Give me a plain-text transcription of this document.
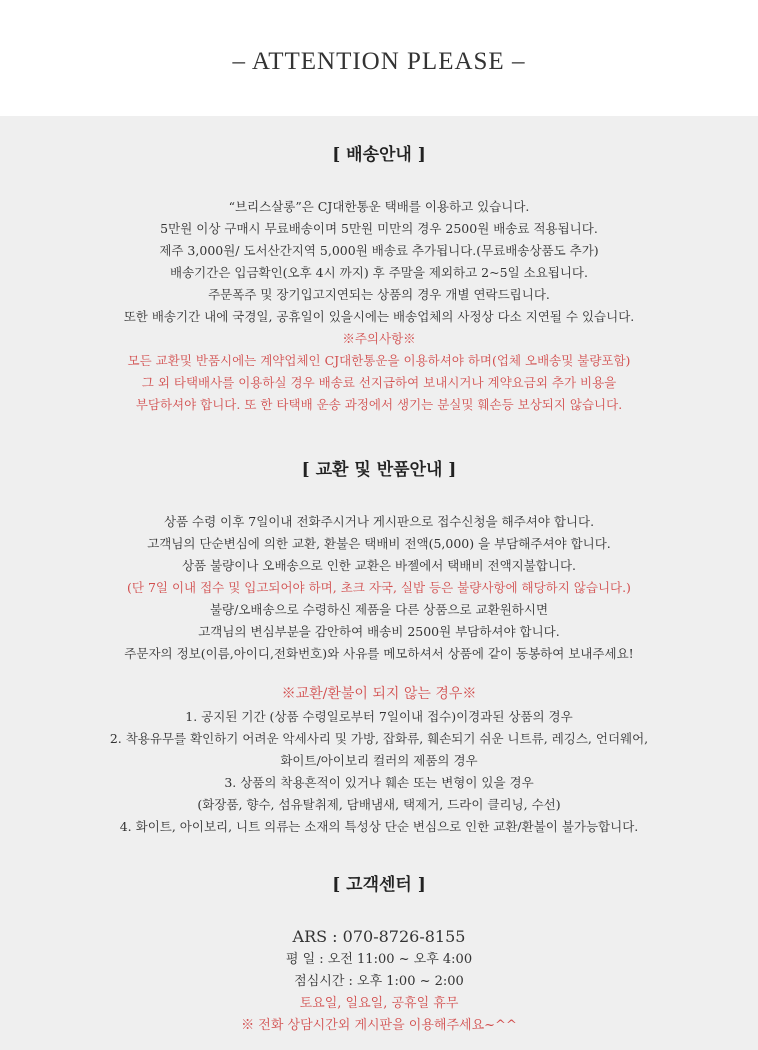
– ATTENTION PLEASE –

[ 배송안내 ]

“브리스살롱”은 CJ대한통운 택배를 이용하고 있습니다.
5만원 이상 구매시 무료배송이며 5만원 미만의 경우 2500원 배송료 적용됩니다.
제주 3,000원/ 도서산간지역 5,000원 배송료 추가됩니다.(무료배송상품도 추가)
배송기간은 입금확인(오후 4시 까지) 후 주말을 제외하고 2~5일 소요됩니다.
주문폭주 및 장기입고지연되는 상품의 경우 개별 연락드립니다.
또한 배송기간 내에 국경일, 공휴일이 있을시에는 배송업체의 사정상 다소 지연될 수 있습니다.
※주의사항※
모든 교환및 반품시에는 계약업체인 CJ대한통운을 이용하셔야 하며(업체 오배송및 불량포함)
그 외 타택배사를 이용하실 경우 배송료 선지급하여 보내시거나 계약요금외 추가 비용을
부담하셔야 합니다. 또 한 타택배 운송 과정에서 생기는 분실및 훼손등 보상되지 않습니다.

[ 교환 및 반품안내 ]

상품 수령 이후 7일이내 전화주시거나 게시판으로 접수신청을 해주셔야 합니다.
고객님의 단순변심에 의한 교환, 환불은 택배비 전액(5,000) 을 부담해주셔야 합니다.
상품 불량이나 오배송으로 인한 교환은 바젤에서 택배비 전액지불합니다.
(단 7일 이내 접수 및 입고되어야 하며, 초크 자국, 실밥 등은 불량사항에 해당하지 않습니다.)
불량/오배송으로 수령하신 제품을 다른 상품으로 교환원하시면
고객님의 변심부분을 감안하여 배송비 2500원 부담하셔야 합니다.
주문자의 정보(이름,아이디,전화번호)와 사유를 메모하셔서 상품에 같이 동봉하여 보내주세요!
※교환/환불이 되지 않는 경우※
1. 공지된 기간 (상품 수령일로부터 7일이내 접수)이경과된 상품의 경우
2. 착용유무를 확인하기 어려운 악세사리 및 가방, 잡화류, 훼손되기 쉬운 니트류, 레깅스, 언더웨어,
화이트/아이보리 컬러의 제품의 경우
3. 상품의 착용흔적이 있거나 훼손 또는 변형이 있을 경우
(화장품, 향수, 섬유탈취제, 담배냄새, 택제거, 드라이 클리닝, 수선)
4. 화이트, 아이보리, 니트 의류는 소재의 특성상 단순 변심으로 인한 교환/환불이 불가능합니다.

[ 고객센터 ]

ARS : 070-8726-8155
평 일 : 오전 11:00 ~ 오후 4:00
점심시간 : 오후 1:00 ~ 2:00
토요일, 일요일, 공휴일 휴무
※ 전화 상담시간외 게시판을 이용해주세요~^^
